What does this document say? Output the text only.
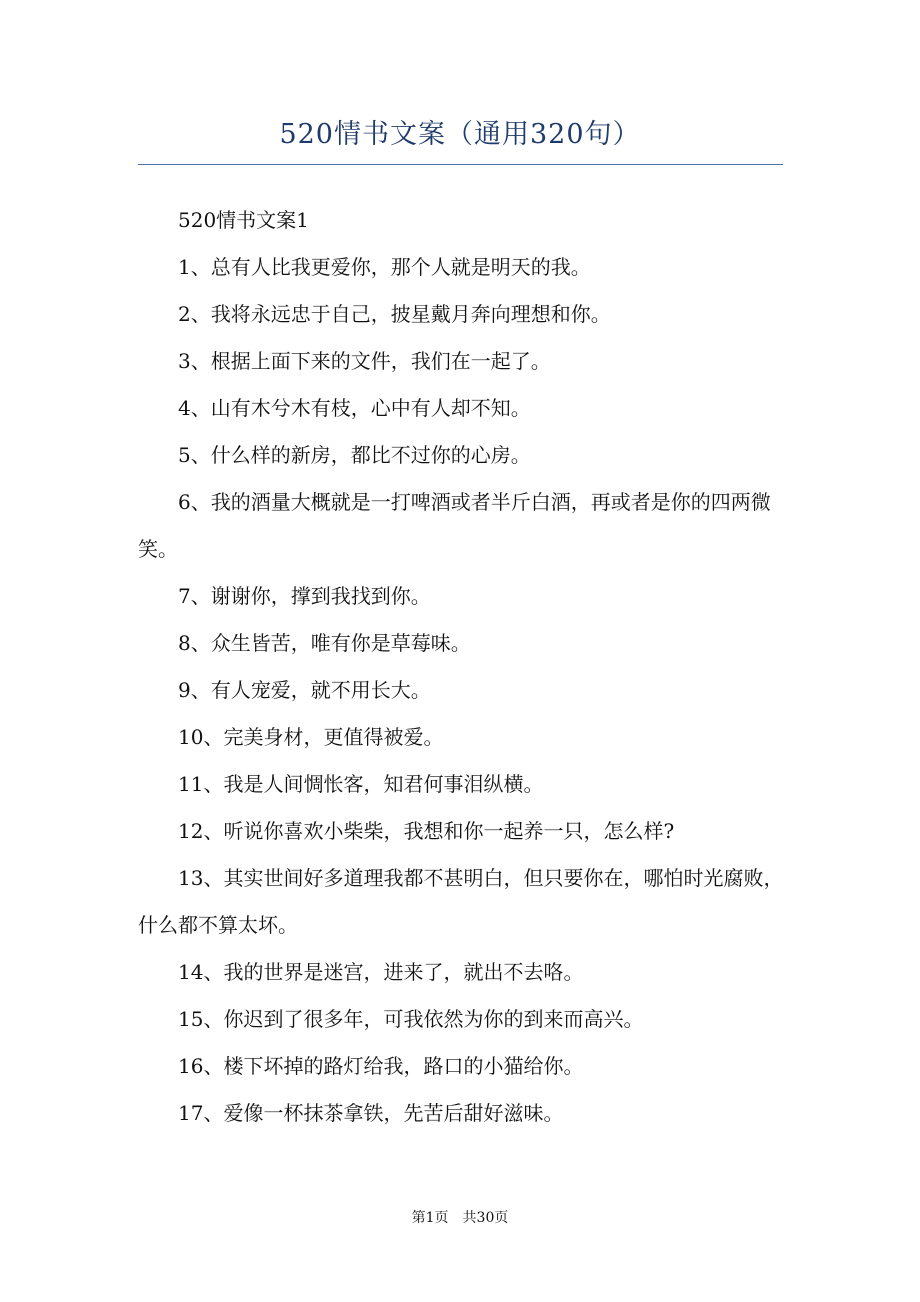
520情书文案（通用320句）

520情书文案1

1、总有人比我更爱你，那个人就是明天的我。

2、我将永远忠于自己，披星戴月奔向理想和你。

3、根据上面下来的文件，我们在一起了。

4、山有木兮木有枝，心中有人却不知。

5、什么样的新房，都比不过你的心房。

6、我的酒量大概就是一打啤酒或者半斤白酒，再或者是你的四两微笑。

7、谢谢你，撑到我找到你。

8、众生皆苦，唯有你是草莓味。

9、有人宠爱，就不用长大。

10、完美身材，更值得被爱。

11、我是人间惆怅客，知君何事泪纵横。

12、听说你喜欢小柴柴，我想和你一起养一只，怎么样?

13、其实世间好多道理我都不甚明白，但只要你在，哪怕时光腐败，什么都不算太坏。

14、我的世界是迷宫，进来了，就出不去咯。

15、你迟到了很多年，可我依然为你的到来而高兴。

16、楼下坏掉的路灯给我，路口的小猫给你。

17、爱像一杯抹茶拿铁，先苦后甜好滋味。

第1页　共30页
